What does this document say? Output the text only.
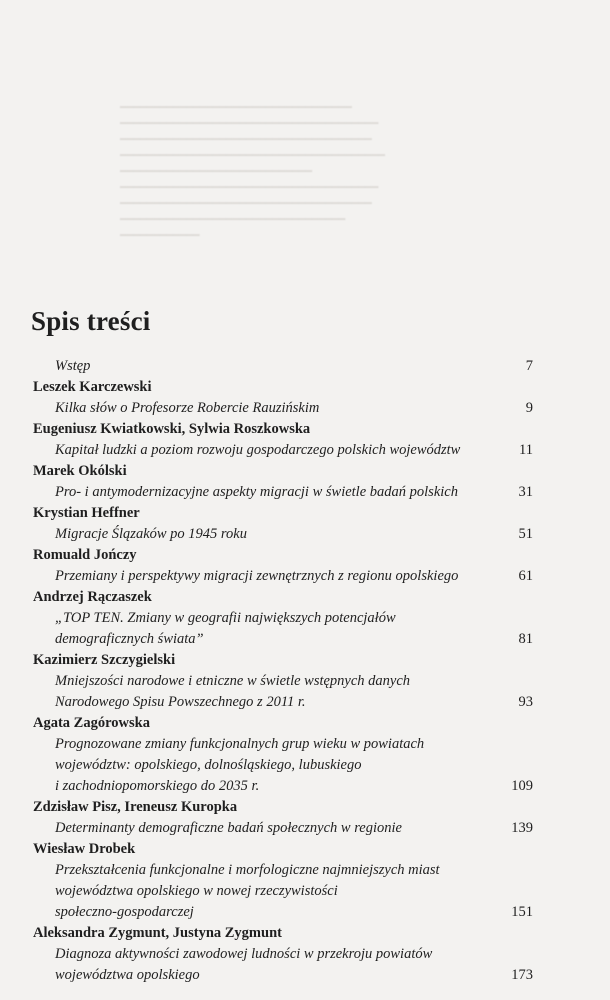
━━━━━━━━━━━━━━━━━━━━━━━━━━━━━━━━━━━
━━━━━━━━━━━━━━━━━━━━━━━━━━━━━━━━━━━━━━━
━━━━━━━━━━━━━━━━━━━━━━━━━━━━━━━━━━━━━━
━━━━━━━━━━━━━━━━━━━━━━━━━━━━━━━━━━━━━━━━
━━━━━━━━━━━━━━━━━━━━━━━━━━━━━
━━━━━━━━━━━━━━━━━━━━━━━━━━━━━━━━━━━━━━━
━━━━━━━━━━━━━━━━━━━━━━━━━━━━━━━━━━━━━━
━━━━━━━━━━━━━━━━━━━━━━━━━━━━━━━━━━
━━━━━━━━━━━━
Spis treści
Wstęp	7
Leszek Karczewski
Kilka słów o Profesorze Robercie Rauzińskim	9
Eugeniusz Kwiatkowski, Sylwia Roszkowska
Kapitał ludzki a poziom rozwoju gospodarczego polskich województw	11
Marek Okólski
Pro- i antymodernizacyjne aspekty migracji w świetle badań polskich	31
Krystian Heffner
Migracje Ślązaków po 1945 roku	51
Romuald Jończy
Przemiany i perspektywy migracji zewnętrznych z regionu opolskiego	61
Andrzej Rączaszek
„TOP TEN. Zmiany w geografii największych potencjałów
demograficznych świata”	81
Kazimierz Szczygielski
Mniejszości narodowe i etniczne w świetle wstępnych danych
Narodowego Spisu Powszechnego z 2011 r.	93
Agata Zagórowska
Prognozowane zmiany funkcjonalnych grup wieku w powiatach
województw: opolskiego, dolnośląskiego, lubuskiego
i zachodniopomorskiego do 2035 r.	109
Zdzisław Pisz, Ireneusz Kuropka
Determinanty demograficzne badań społecznych w regionie	139
Wiesław Drobek
Przekształcenia funkcjonalne i morfologiczne najmniejszych miast
województwa opolskiego w nowej rzeczywistości
społeczno-gospodarczej	151
Aleksandra Zygmunt, Justyna Zygmunt
Diagnoza aktywności zawodowej ludności w przekroju powiatów
województwa opolskiego	173
